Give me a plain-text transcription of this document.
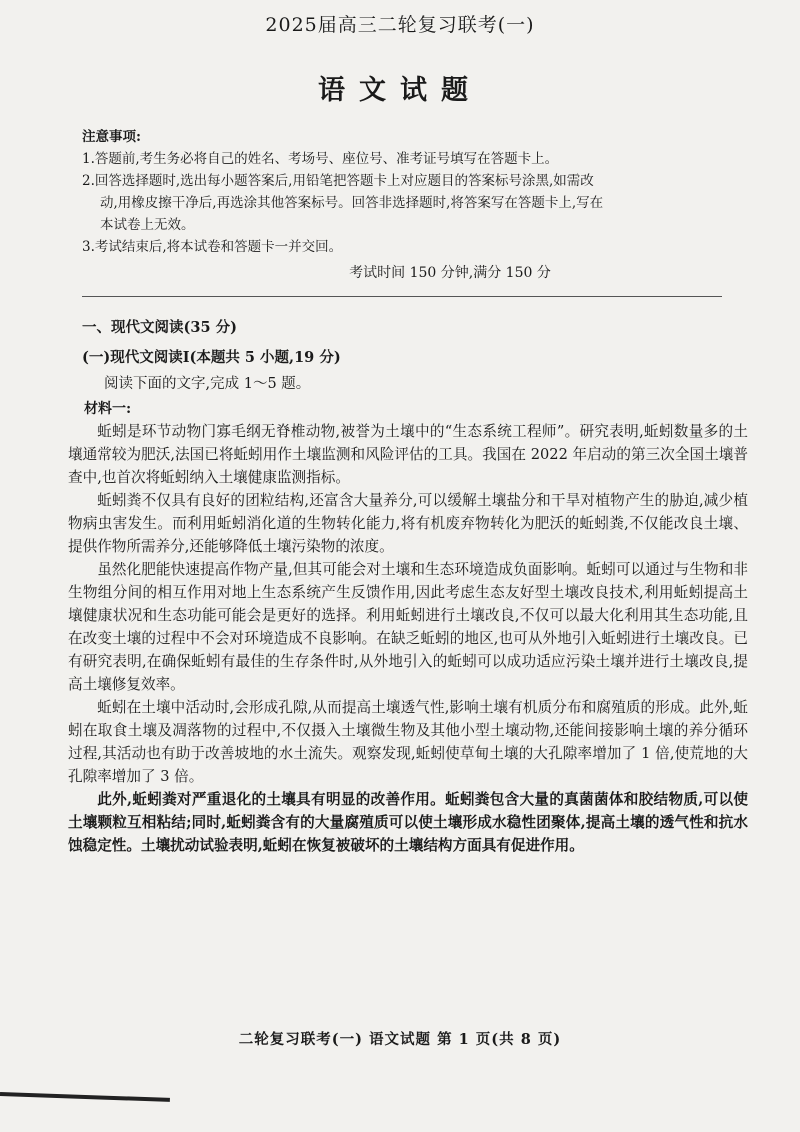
2025届高三二轮复习联考(一)
语文试题
注意事项:
1.答题前,考生务必将自己的姓名、考场号、座位号、准考证号填写在答题卡上。
2.回答选择题时,选出每小题答案后,用铅笔把答题卡上对应题目的答案标号涂黑,如需改
动,用橡皮擦干净后,再选涂其他答案标号。回答非选择题时,将答案写在答题卡上,写在
本试卷上无效。
3.考试结束后,将本试卷和答题卡一并交回。
考试时间 150 分钟,满分 150 分
一、现代文阅读(35 分)
(一)现代文阅读Ⅰ(本题共 5 小题,19 分)
阅读下面的文字,完成 1～5 题。
材料一:

蚯蚓是环节动物门寡毛纲无脊椎动物,被誉为土壤中的“生态系统工程师”。研究表明,蚯蚓数量多的土壤通常较为肥沃,法国已将蚯蚓用作土壤监测和风险评估的工具。我国在 2022 年启动的第三次全国土壤普查中,也首次将蚯蚓纳入土壤健康监测指标。

蚯蚓粪不仅具有良好的团粒结构,还富含大量养分,可以缓解土壤盐分和干旱对植物产生的胁迫,减少植物病虫害发生。而利用蚯蚓消化道的生物转化能力,将有机废弃物转化为肥沃的蚯蚓粪,不仅能改良土壤、提供作物所需养分,还能够降低土壤污染物的浓度。

虽然化肥能快速提高作物产量,但其可能会对土壤和生态环境造成负面影响。蚯蚓可以通过与生物和非生物组分间的相互作用对地上生态系统产生反馈作用,因此考虑生态友好型土壤改良技术,利用蚯蚓提高土壤健康状况和生态功能可能会是更好的选择。利用蚯蚓进行土壤改良,不仅可以最大化利用其生态功能,且在改变土壤的过程中不会对环境造成不良影响。在缺乏蚯蚓的地区,也可从外地引入蚯蚓进行土壤改良。已有研究表明,在确保蚯蚓有最佳的生存条件时,从外地引入的蚯蚓可以成功适应污染土壤并进行土壤改良,提高土壤修复效率。

蚯蚓在土壤中活动时,会形成孔隙,从而提高土壤透气性,影响土壤有机质分布和腐殖质的形成。此外,蚯蚓在取食土壤及凋落物的过程中,不仅摄入土壤微生物及其他小型土壤动物,还能间接影响土壤的养分循环过程,其活动也有助于改善坡地的水土流失。观察发现,蚯蚓使草甸土壤的大孔隙率增加了 1 倍,使荒地的大孔隙率增加了 3 倍。

此外,蚯蚓粪对严重退化的土壤具有明显的改善作用。蚯蚓粪包含大量的真菌菌体和胶结物质,可以使土壤颗粒互相粘结;同时,蚯蚓粪含有的大量腐殖质可以使土壤形成水稳性团聚体,提高土壤的透气性和抗水蚀稳定性。土壤扰动试验表明,蚯蚓在恢复被破坏的土壤结构方面具有促进作用。

二轮复习联考(一) 语文试题 第 1 页(共 8 页)
